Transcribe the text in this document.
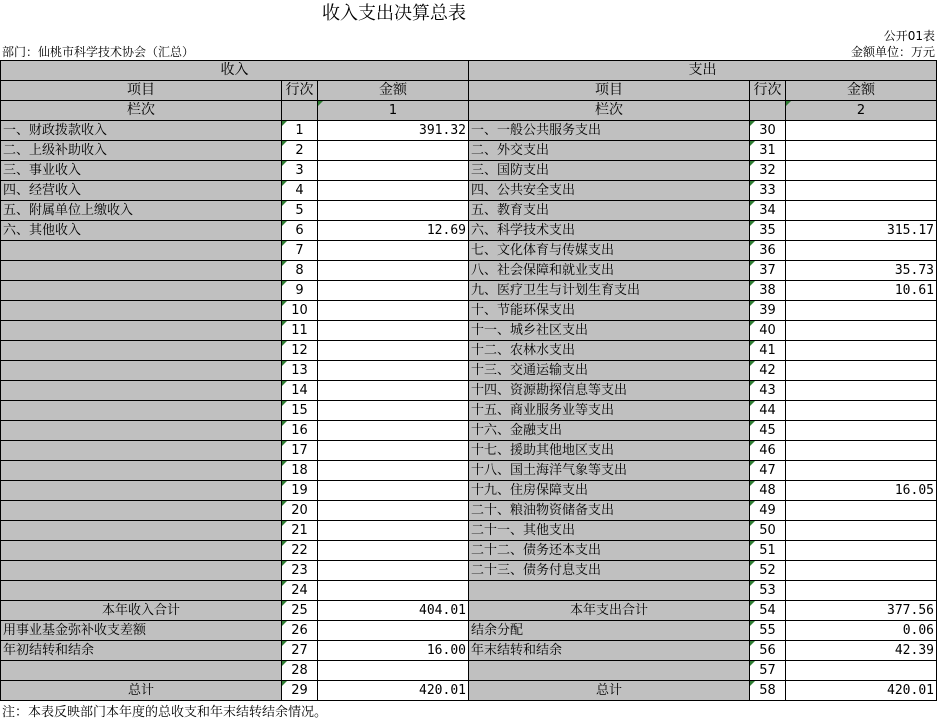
收入支出决算总表
公开01表
部门：仙桃市科学技术协会（汇总）	金额单位：万元
收入			支出		
项目	行次	金额	项目	行次	金额
栏次		1	栏次		2
一、财政拨款收入	1	391.32	一、一般公共服务支出	30	
二、上级补助收入	2		二、外交支出	31	
三、事业收入	3		三、国防支出	32	
四、经营收入	4		四、公共安全支出	33	
五、附属单位上缴收入	5		五、教育支出	34	
六、其他收入	6	12.69	六、科学技术支出	35	315.17
	7		七、文化体育与传媒支出	36	
	8		八、社会保障和就业支出	37	35.73
	9		九、医疗卫生与计划生育支出	38	10.61
	10		十、节能环保支出	39	
	11		十一、城乡社区支出	40	
	12		十二、农林水支出	41	
	13		十三、交通运输支出	42	
	14		十四、资源勘探信息等支出	43	
	15		十五、商业服务业等支出	44	
	16		十六、金融支出	45	
	17		十七、援助其他地区支出	46	
	18		十八、国土海洋气象等支出	47	
	19		十九、住房保障支出	48	16.05
	20		二十、粮油物资储备支出	49	
	21		二十一、其他支出	50	
	22		二十二、债务还本支出	51	
	23		二十三、债务付息支出	52	
	24			53	
本年收入合计	25	404.01	本年支出合计	54	377.56
用事业基金弥补收支差额	26		结余分配	55	0.06
年初结转和结余	27	16.00	年末结转和结余	56	42.39
	28			57	
总计	29	420.01	总计	58	420.01
注：本表反映部门本年度的总收支和年末结转结余情况。
